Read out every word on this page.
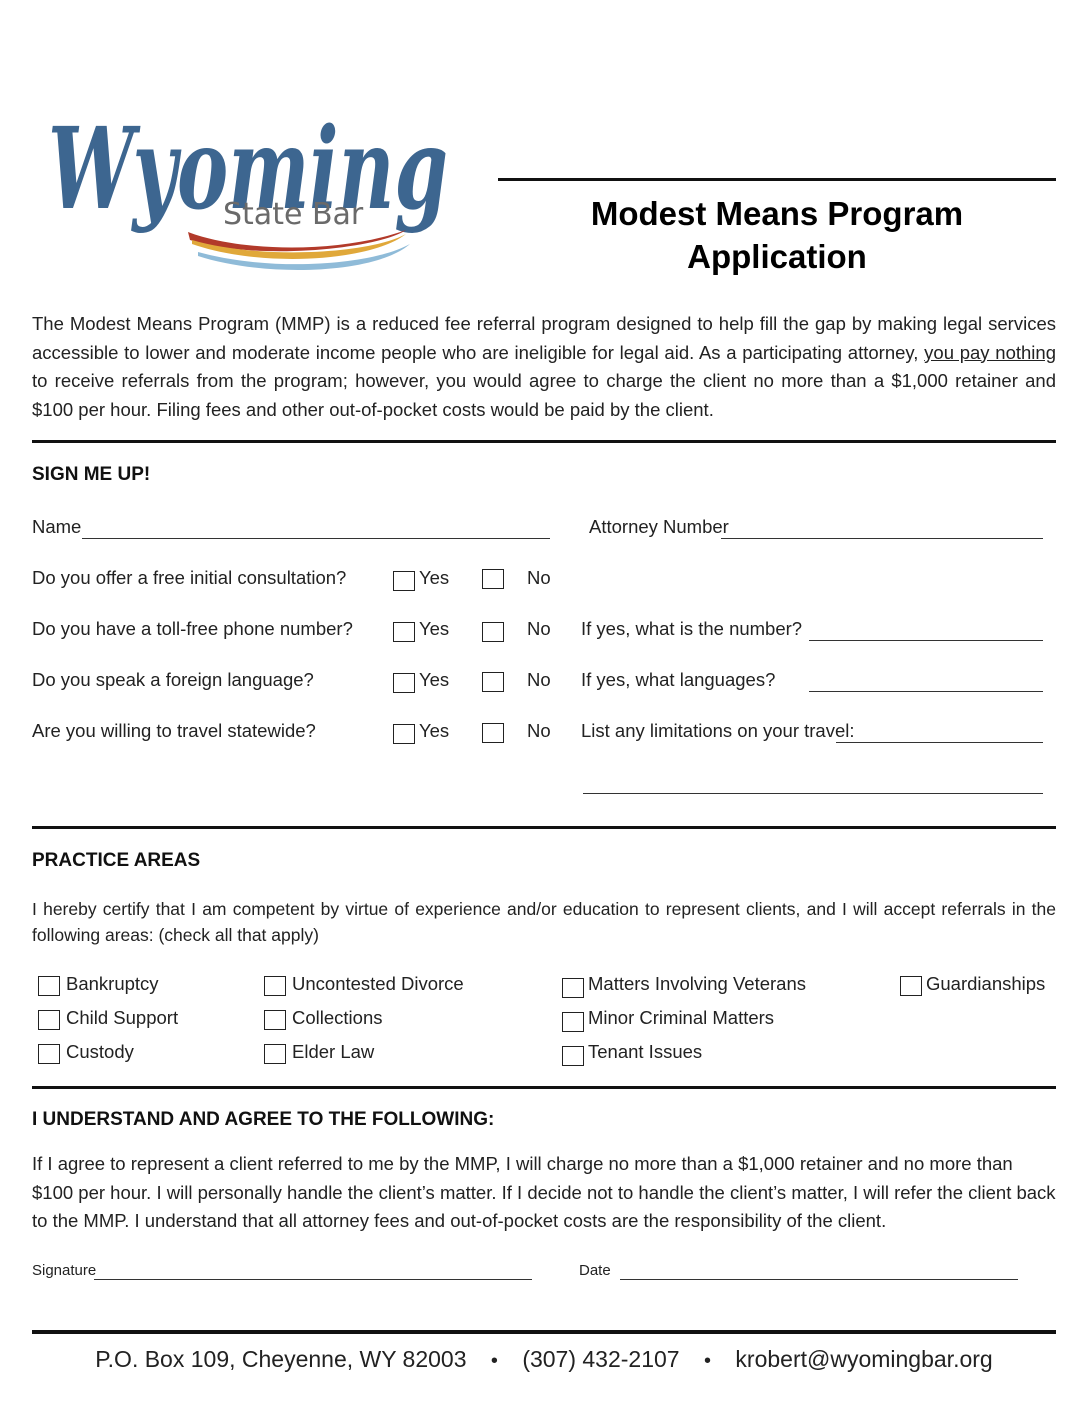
Wyoming
State Bar	Modest Means Program
Application
The Modest Means Program (MMP) is a reduced fee referral program designed to help fill the gap by making legal services accessible to lower and moderate income people who are ineligible for legal aid. As a participating attorney, you pay nothing to receive referrals from the program; however, you would agree to charge the client no more than a $1,000 retainer and $100 per hour. Filing fees and other out-of-pocket costs would be paid by the client.
SIGN ME UP!
Name	Attorney Number
Do you offer a free initial consultation?	Yes	No
Do you have a toll-free phone number?	Yes	No If yes, what is the number?
Do you speak a foreign language?	Yes	No If yes, what languages?
Are you willing to travel statewide?	Yes	No List any limitations on your travel:
PRACTICE AREAS
I hereby certify that I am competent by virtue of experience and/or education to represent clients, and I will accept referrals in the following areas: (check all that apply)
Bankruptcy
Child Support
Custody
Uncontested Divorce
Collections
Elder Law
Matters Involving Veterans
Minor Criminal Matters
Tenant Issues
Guardianships
I UNDERSTAND AND AGREE TO THE FOLLOWING:
If I agree to represent a client referred to me by the MMP, I will charge no more than a $1,000 retainer and no more than $100 per hour. I will personally handle the client’s matter. If I decide not to handle the client’s matter, I will refer the client back to the MMP. I understand that all attorney fees and out-of-pocket costs are the responsibility of the client.
Signature	Date
P.O. Box 109, Cheyenne, WY 82003 • (307) 432-2107 • krobert@wyomingbar.org
